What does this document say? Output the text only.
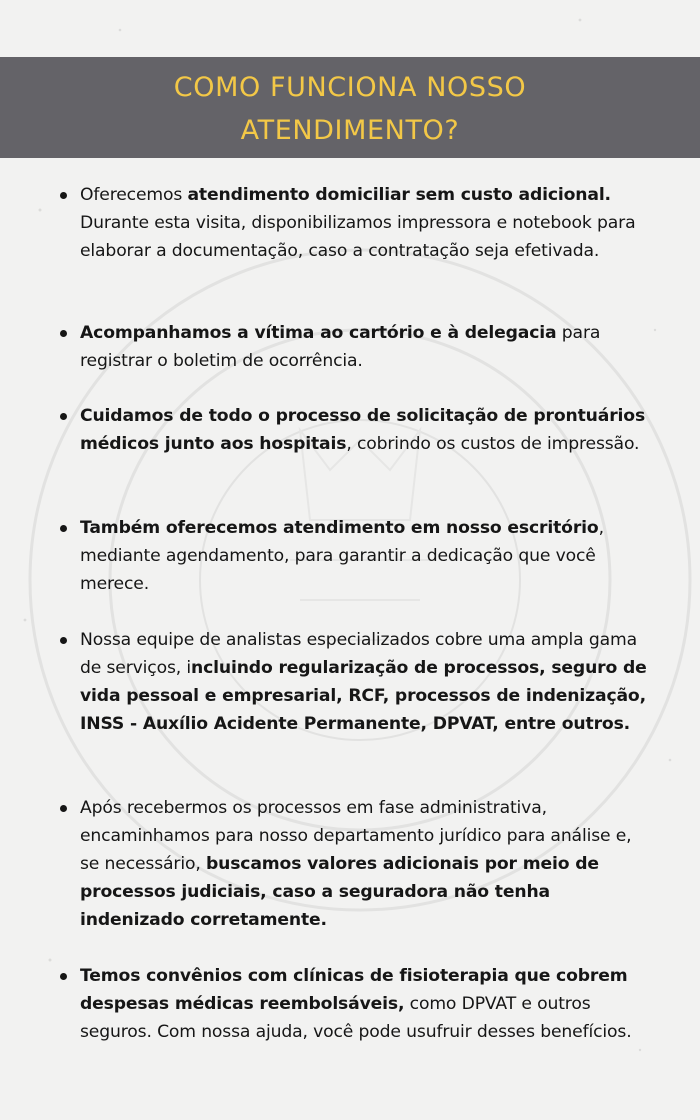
COMO FUNCIONA NOSSO
ATENDIMENTO?
Oferecemos atendimento domiciliar sem custo adicional. Durante esta visita, disponibilizamos impressora e notebook para elaborar a documentação, caso a contratação seja efetivada.
Acompanhamos a vítima ao cartório e à delegacia para registrar o boletim de ocorrência.
Cuidamos de todo o processo de solicitação de prontuários médicos junto aos hospitais, cobrindo os custos de impressão.
Também oferecemos atendimento em nosso escritório, mediante agendamento, para garantir a dedicação que você merece.
Nossa equipe de analistas especializados cobre uma ampla gama de serviços, incluindo regularização de processos, seguro de vida pessoal e empresarial, RCF, processos de indenização, INSS - Auxílio Acidente Permanente, DPVAT, entre outros.
Após recebermos os processos em fase administrativa, encaminhamos para nosso departamento jurídico para análise e, se necessário, buscamos valores adicionais por meio de processos judiciais, caso a seguradora não tenha indenizado corretamente.
Temos convênios com clínicas de fisioterapia que cobrem despesas médicas reembolsáveis, como DPVAT e outros seguros. Com nossa ajuda, você pode usufruir desses benefícios.
